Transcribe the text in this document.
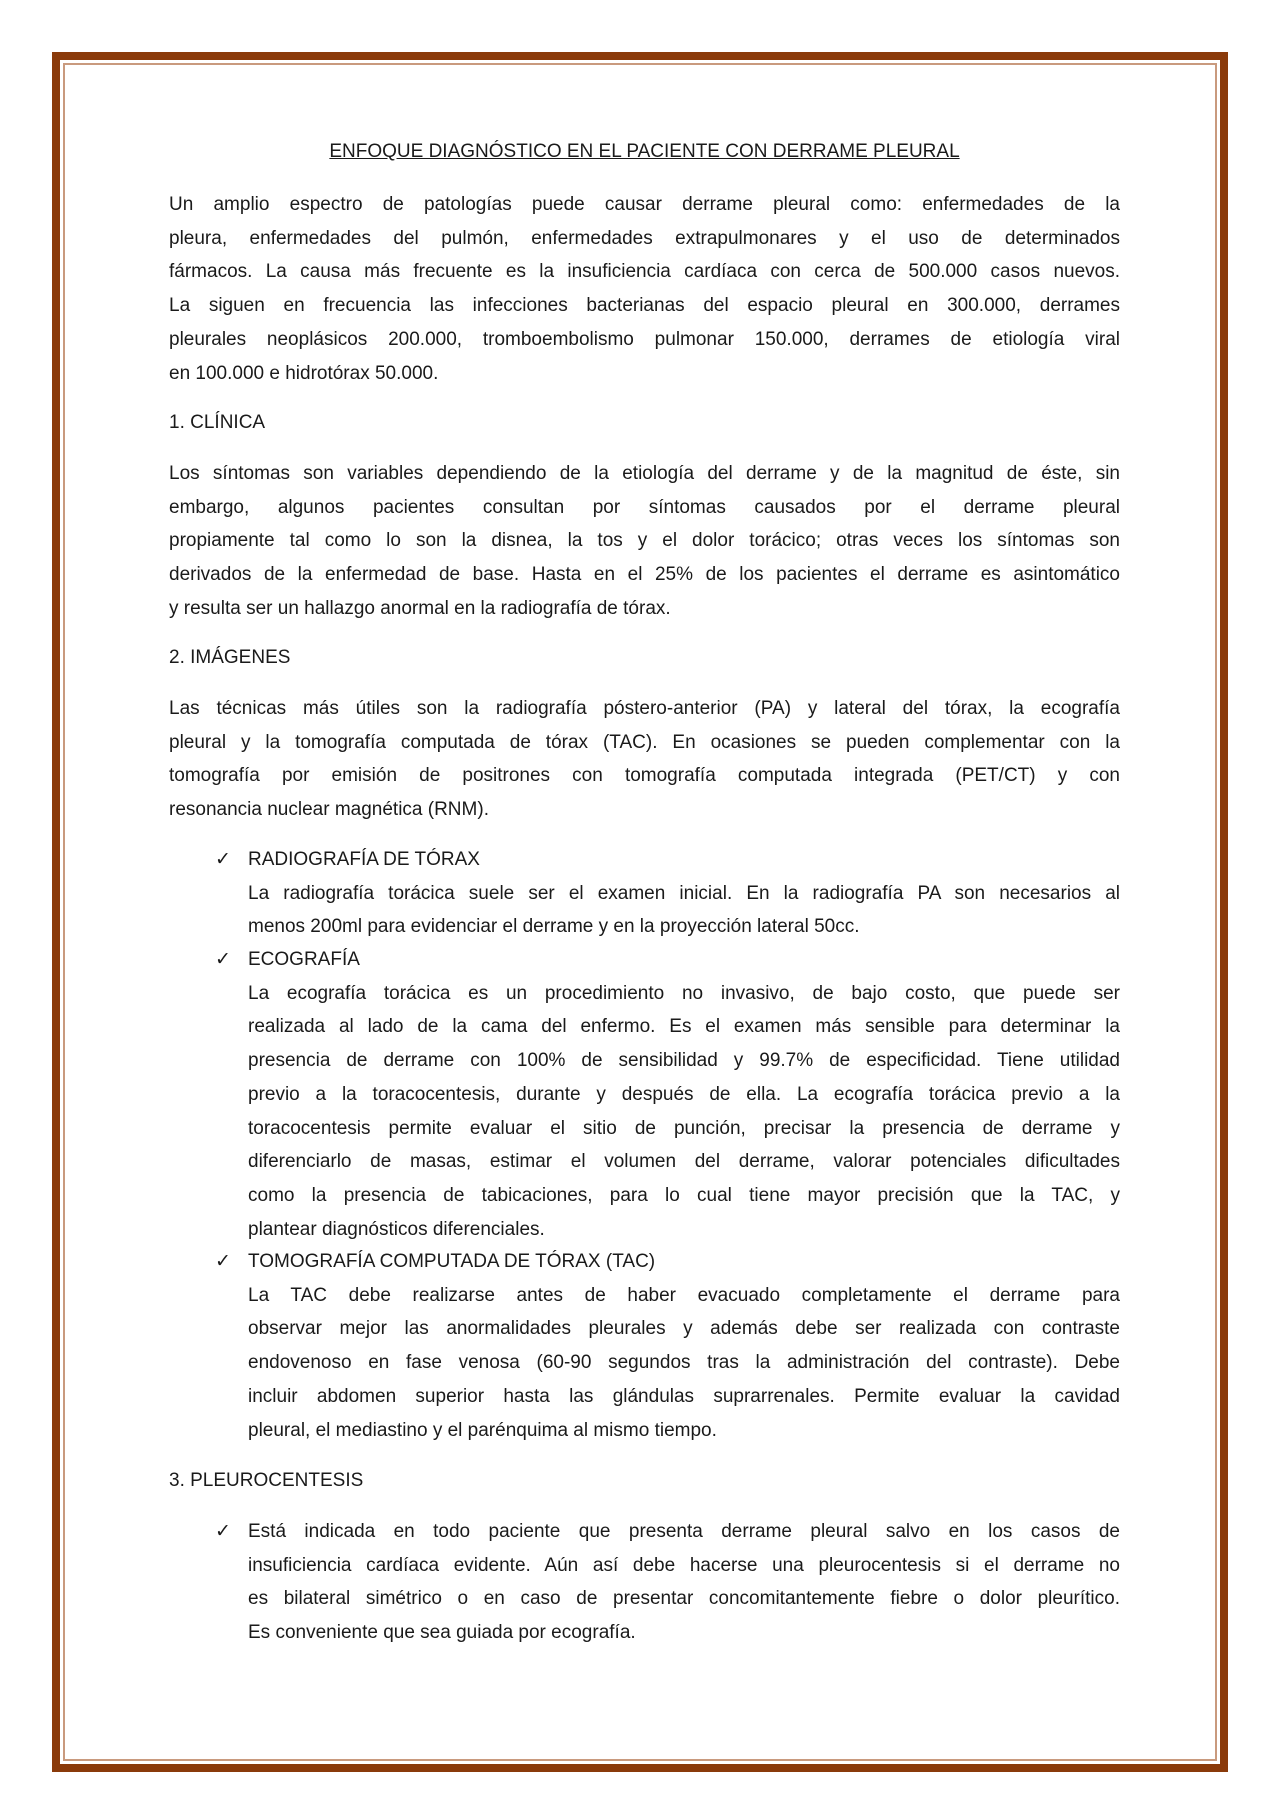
ENFOQUE DIAGNÓSTICO EN EL PACIENTE CON DERRAME PLEURAL
Un amplio espectro de patologías puede causar derrame pleural como: enfermedades de la
pleura, enfermedades del pulmón, enfermedades extrapulmonares y el uso de determinados
fármacos. La causa más frecuente es la insuficiencia cardíaca con cerca de 500.000 casos nuevos.
La siguen en frecuencia las infecciones bacterianas del espacio pleural en 300.000, derrames
pleurales neoplásicos 200.000, tromboembolismo pulmonar 150.000, derrames de etiología viral
en 100.000 e hidrotórax 50.000.
1. CLÍNICA
Los síntomas son variables dependiendo de la etiología del derrame y de la magnitud de éste, sin
embargo, algunos pacientes consultan por síntomas causados por el derrame pleural
propiamente tal como lo son la disnea, la tos y el dolor torácico; otras veces los síntomas son
derivados de la enfermedad de base. Hasta en el 25% de los pacientes el derrame es asintomático
y resulta ser un hallazgo anormal en la radiografía de tórax.
2. IMÁGENES
Las técnicas más útiles son la radiografía póstero-anterior (PA) y lateral del tórax, la ecografía
pleural y la tomografía computada de tórax (TAC). En ocasiones se pueden complementar con la
tomografía por emisión de positrones con tomografía computada integrada (PET/CT) y con
resonancia nuclear magnética (RNM).
✓ RADIOGRAFÍA DE TÓRAX
La radiografía torácica suele ser el examen inicial. En la radiografía PA son necesarios al
menos 200ml para evidenciar el derrame y en la proyección lateral 50cc.
✓ ECOGRAFÍA
La ecografía torácica es un procedimiento no invasivo, de bajo costo, que puede ser
realizada al lado de la cama del enfermo. Es el examen más sensible para determinar la
presencia de derrame con 100% de sensibilidad y 99.7% de especificidad. Tiene utilidad
previo a la toracocentesis, durante y después de ella. La ecografía torácica previo a la
toracocentesis permite evaluar el sitio de punción, precisar la presencia de derrame y
diferenciarlo de masas, estimar el volumen del derrame, valorar potenciales dificultades
como la presencia de tabicaciones, para lo cual tiene mayor precisión que la TAC, y
plantear diagnósticos diferenciales.
✓ TOMOGRAFÍA COMPUTADA DE TÓRAX (TAC)
La TAC debe realizarse antes de haber evacuado completamente el derrame para
observar mejor las anormalidades pleurales y además debe ser realizada con contraste
endovenoso en fase venosa (60-90 segundos tras la administración del contraste). Debe
incluir abdomen superior hasta las glándulas suprarrenales. Permite evaluar la cavidad
pleural, el mediastino y el parénquima al mismo tiempo.
3. PLEUROCENTESIS
✓ Está indicada en todo paciente que presenta derrame pleural salvo en los casos de
insuficiencia cardíaca evidente. Aún así debe hacerse una pleurocentesis si el derrame no
es bilateral simétrico o en caso de presentar concomitantemente fiebre o dolor pleurítico.
Es conveniente que sea guiada por ecografía.
